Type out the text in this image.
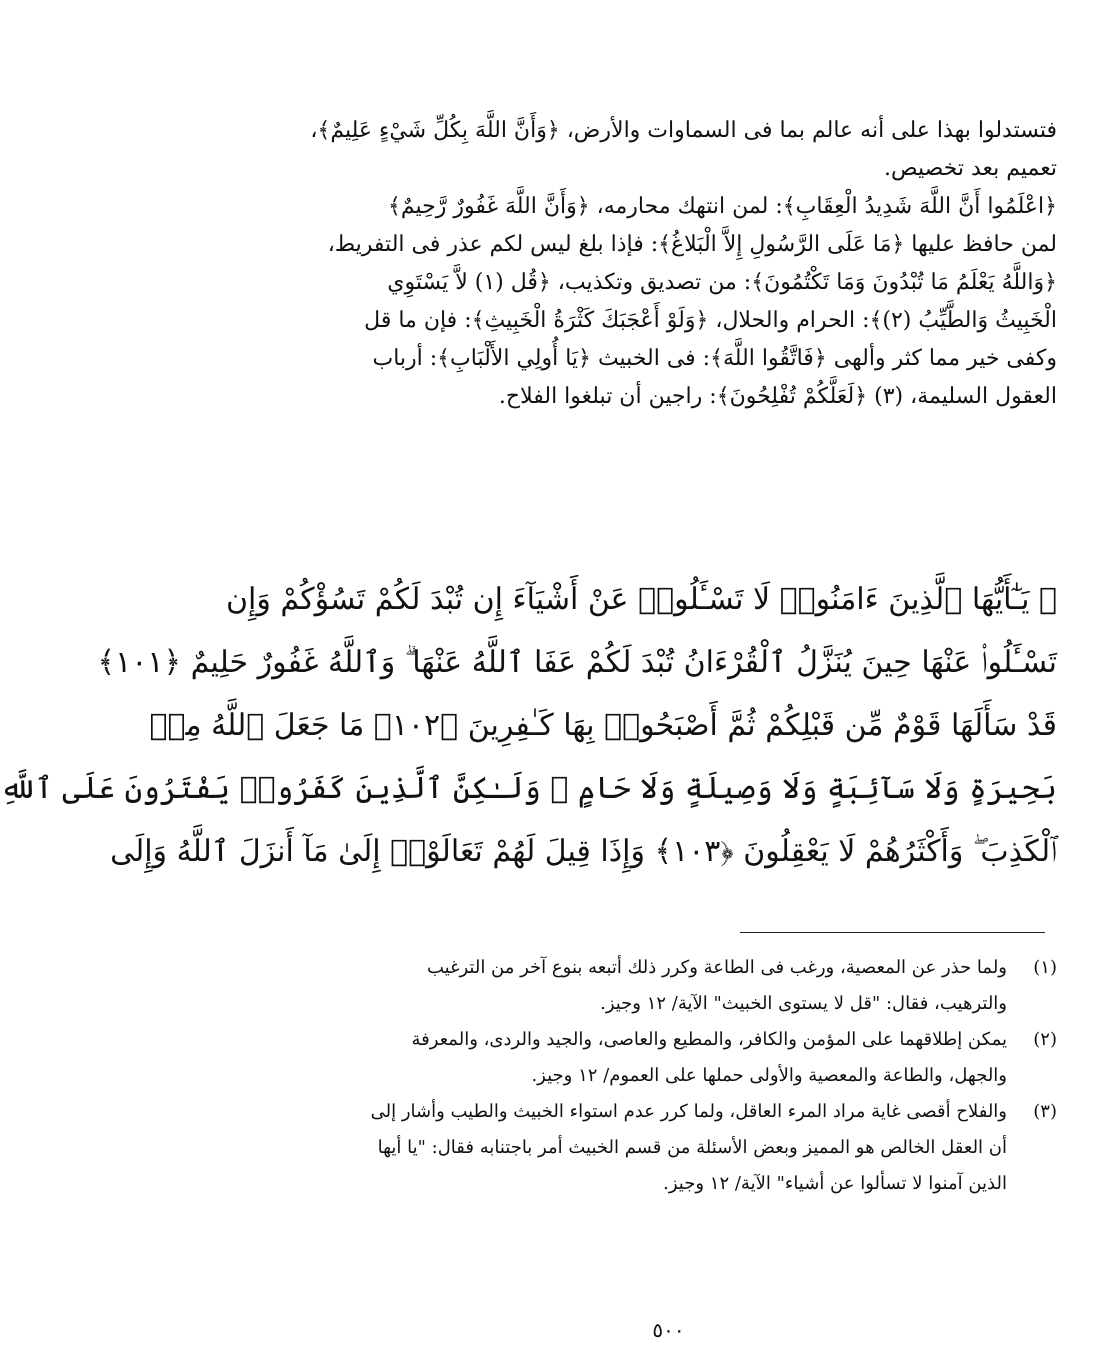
فتستدلوا بهذا على أنه عالم بما فى السماوات والأرض، ﴿وَأَنَّ اللَّهَ بِكُلِّ شَيْءٍ عَلِيمٌ﴾،
تعميم بعد تخصيص.
﴿اعْلَمُوا أَنَّ اللَّهَ شَدِيدُ الْعِقَابِ﴾: لمن انتهك محارمه، ﴿وَأَنَّ اللَّهَ غَفُورٌ رَّحِيمٌ﴾
لمن حافظ عليها ﴿مَا عَلَى الرَّسُولِ إِلاَّ الْبَلاغُ﴾: فإذا بلغ ليس لكم عذر فى التفريط،
﴿وَاللَّهُ يَعْلَمُ مَا تُبْدُونَ وَمَا تَكْتُمُونَ﴾: من تصديق وتكذيب، ﴿قُل (١) لاَّ يَسْتَوِي
الْخَبِيثُ وَالطَّيِّبُ (٢)﴾: الحرام والحلال، ﴿وَلَوْ أَعْجَبَكَ كَثْرَةُ الْخَبِيثِ﴾: فإن ما قل
وكفى خير مما كثر وألهى ﴿فَاتَّقُوا اللَّهَ﴾: فى الخبيث ﴿يَا أُولِي الأَلْبَابِ﴾: أرباب
العقول السليمة، (٣) ﴿لَعَلَّكُمْ تُفْلِحُونَ﴾: راجين أن تبلغوا الفلاح.
﴿ يَـٰٓأَيُّهَا ٱلَّذِينَ ءَامَنُوا۟ لَا تَسْـَٔلُوا۟ عَنْ أَشْيَآءَ إِن تُبْدَ لَكُمْ تَسُؤْكُمْ وَإِن
تَسْـَٔلُوا۟ عَنْهَا حِينَ يُنَزَّلُ ٱلْقُرْءَانُ تُبْدَ لَكُمْ عَفَا ٱللَّهُ عَنْهَا ۗ وَٱللَّهُ غَفُورٌ حَلِيمٌ ﴿١٠١﴾
قَدْ سَأَلَهَا قَوْمٌ مِّن قَبْلِكُمْ ثُمَّ أَصْبَحُوا۟ بِهَا كَـٰفِرِينَ ﴿١٠٢﴾ مَا جَعَلَ ٱللَّهُ مِنۢ
بَحِيرَةٍ وَلَا سَآئِبَةٍ وَلَا وَصِيلَةٍ وَلَا حَامٍ ۙ وَلَـٰكِنَّ ٱلَّذِينَ كَفَرُوا۟ يَفْتَرُونَ عَلَى ٱللَّهِ
ٱلْكَذِبَ ۖ وَأَكْثَرُهُمْ لَا يَعْقِلُونَ ﴿١٠٣﴾ وَإِذَا قِيلَ لَهُمْ تَعَالَوْا۟ إِلَىٰ مَآ أَنزَلَ ٱللَّهُ وَإِلَى
(١)
ولما حذر عن المعصية، ورغب فى الطاعة وكرر ذلك أتبعه بنوع آخر من الترغيب
والترهيب، فقال: "قل لا يستوى الخبيث" الآية/ ١٢ وجيز.
(٢)
يمكن إطلاقهما على المؤمن والكافر، والمطيع والعاصى، والجيد والردى، والمعرفة
والجهل، والطاعة والمعصية والأولى حملها على العموم/ ١٢ وجيز.
(٣)
والفلاح أقصى غاية مراد المرء العاقل، ولما كرر عدم استواء الخبيث والطيب وأشار إلى
أن العقل الخالص هو المميز وبعض الأسئلة من قسم الخبيث أمر باجتنابه فقال: "يا أيها
الذين آمنوا لا تسألوا عن أشياء" الآية/ ١٢ وجيز.
٥٠٠
